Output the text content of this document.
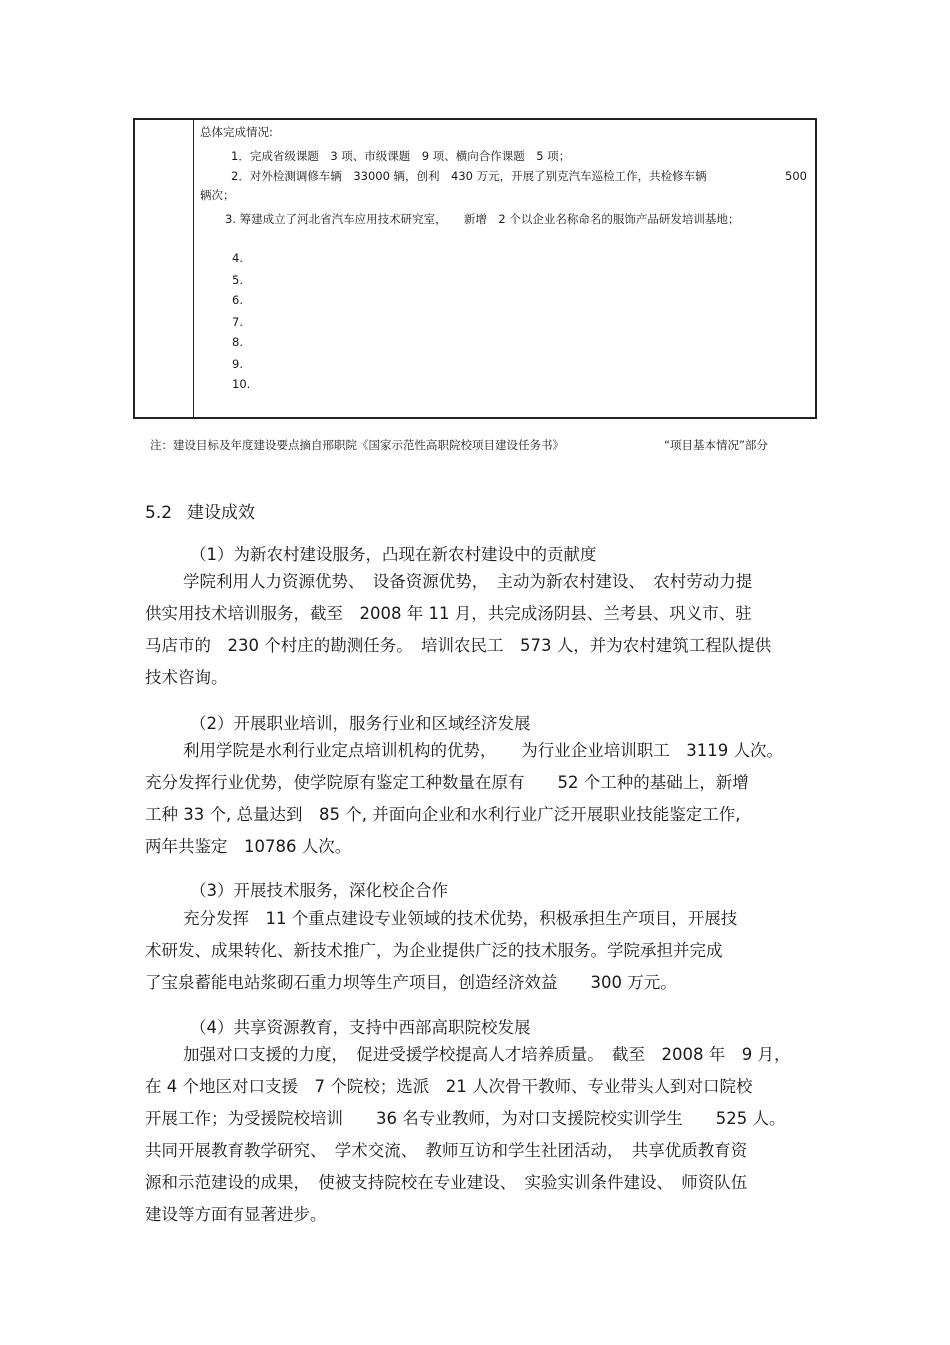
总体完成情况:
1．完成省级课题　3 项、市级课题　9 项、横向合作课题　5 项；
2．对外检测调修车辆　33000 辆，创利　430 万元，开展了别克汽车巡检工作，共检修车辆	500
辆次；
3. 筹建成立了河北省汽车应用技术研究室，　　新增　2 个以企业名称命名的服饰产品研发培训基地；
4.
5.
6.
7.
8.
9.
10.
注：建设目标及年度建设要点摘自邢职院《国家示范性高职院校项目建设任务书》	“项目基本情况”部分
5.2 建设成效
（1）为新农村建设服务，凸现在新农村建设中的贡献度
学院利用人力资源优势、　设备资源优势，　主动为新农村建设、　农村劳动力提
供实用技术培训服务，截至　2008 年 11 月，共完成汤阴县、兰考县、巩义市、驻
马店市的　230 个村庄的勘测任务。　培训农民工　573 人，并为农村建筑工程队提供
技术咨询。
（2）开展职业培训，服务行业和区域经济发展
利用学院是水利行业定点培训机构的优势，　　为行业企业培训职工　3119 人次。
充分发挥行业优势，使学院原有鉴定工种数量在原有　　52 个工种的基础上，新增
工种 33 个, 总量达到　85 个, 并面向企业和水利行业广泛开展职业技能鉴定工作,
两年共鉴定　10786 人次。
（3）开展技术服务，深化校企合作
充分发挥　11 个重点建设专业领域的技术优势，积极承担生产项目，开展技
术研发、成果转化、新技术推广，为企业提供广泛的技术服务。学院承担并完成
了宝泉蓄能电站浆砌石重力坝等生产项目，创造经济效益　　300 万元。
（4）共享资源教育，支持中西部高职院校发展
加强对口支援的力度，　促进受援学校提高人才培养质量。　截至　2008 年　9 月，
在 4 个地区对口支援　7 个院校；选派　21 人次骨干教师、专业带头人到对口院校
开展工作；为受援院校培训　　36 名专业教师，为对口支援院校实训学生　　525 人。
共同开展教育教学研究、　学术交流、　教师互访和学生社团活动，　共享优质教育资
源和示范建设的成果，　使被支持院校在专业建设、　实验实训条件建设、　师资队伍
建设等方面有显著进步。
